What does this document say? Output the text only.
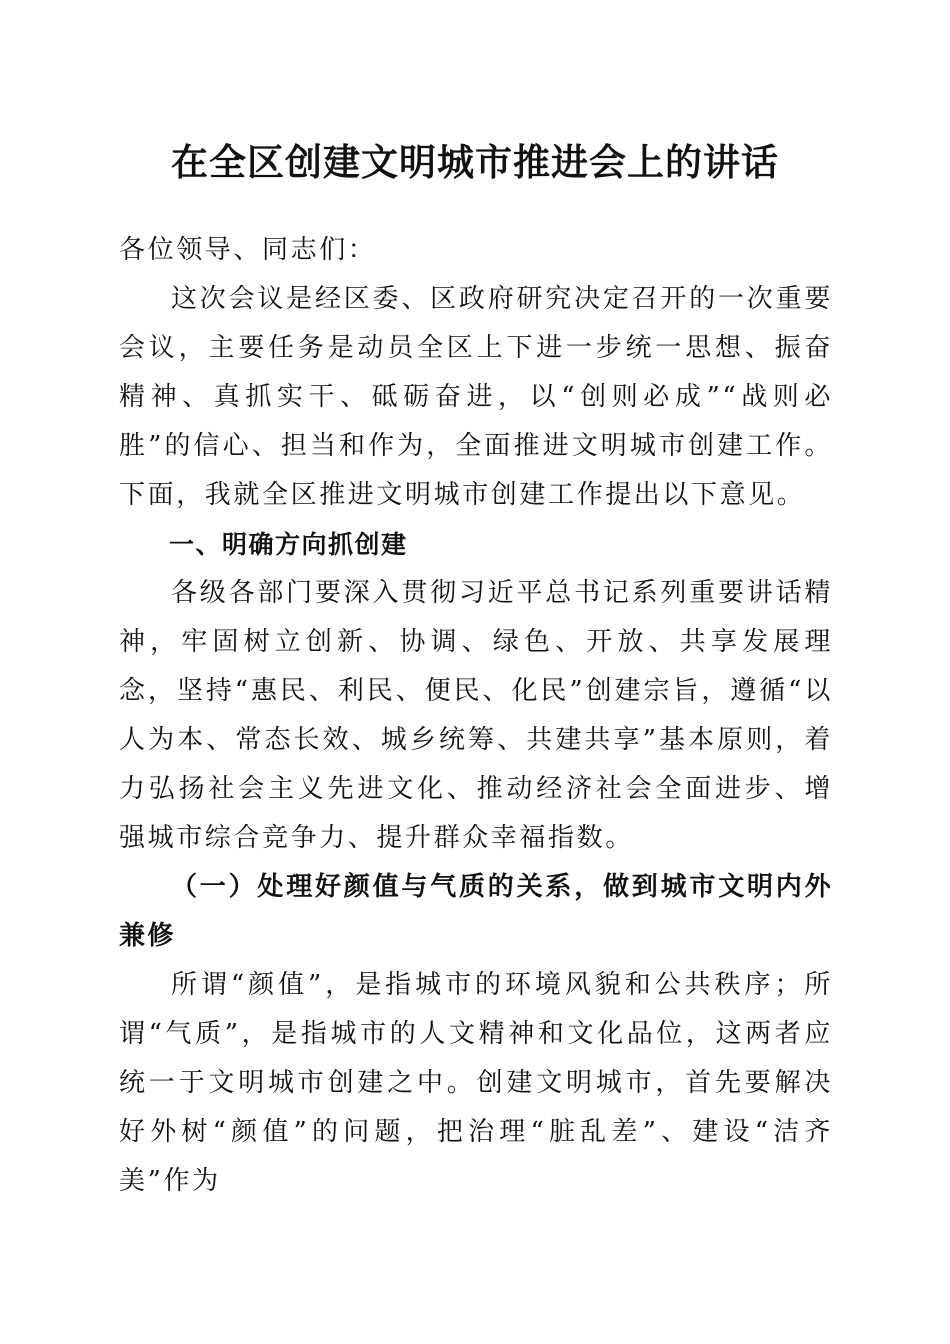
在全区创建文明城市推进会上的讲话

各位领导、同志们：

这次会议是经区委、区政府研究决定召开的一次重要会议，主要任务是动员全区上下进一步统一思想、振奋精神、真抓实干、砥砺奋进，以“创则必成”“战则必胜”的信心、担当和作为，全面推进文明城市创建工作。下面，我就全区推进文明城市创建工作提出以下意见。

一、明确方向抓创建

各级各部门要深入贯彻习近平总书记系列重要讲话精神，牢固树立创新、协调、绿色、开放、共享发展理念，坚持“惠民、利民、便民、化民”创建宗旨，遵循“以人为本、常态长效、城乡统筹、共建共享”基本原则，着力弘扬社会主义先进文化、推动经济社会全面进步、增强城市综合竞争力、提升群众幸福指数。

（一）处理好颜值与气质的关系，做到城市文明内外兼修

所谓“颜值”，是指城市的环境风貌和公共秩序；所谓“气质”，是指城市的人文精神和文化品位，这两者应统一于文明城市创建之中。创建文明城市，首先要解决好外树“颜值”的问题，把治理“脏乱差”、建设“洁齐美”作为
